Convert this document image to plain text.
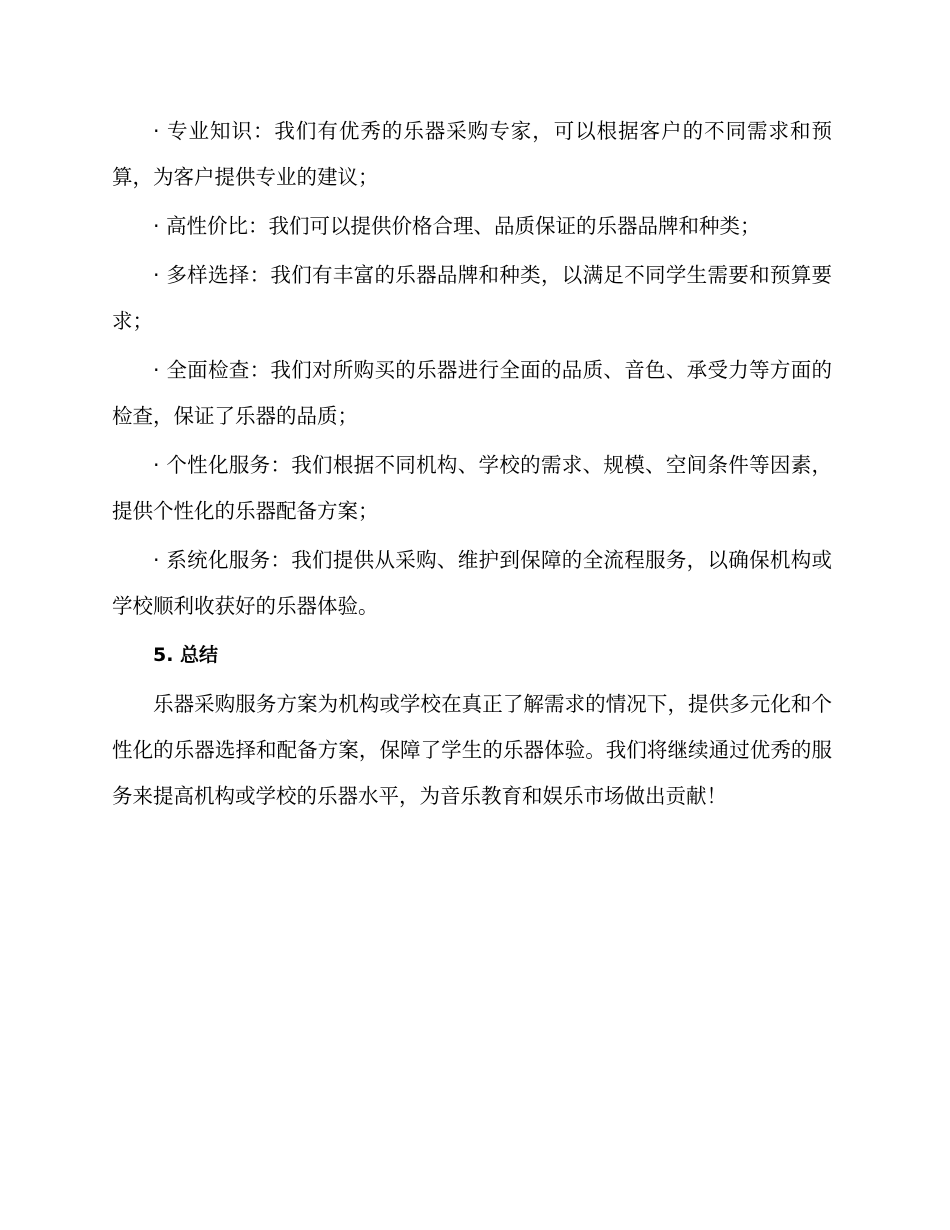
· 专业知识：我们有优秀的乐器采购专家，可以根据客户的不同需求和预算，为客户提供专业的建议；

· 高性价比：我们可以提供价格合理、品质保证的乐器品牌和种类；

· 多样选择：我们有丰富的乐器品牌和种类，以满足不同学生需要和预算要求；

· 全面检查：我们对所购买的乐器进行全面的品质、音色、承受力等方面的检查，保证了乐器的品质；

· 个性化服务：我们根据不同机构、学校的需求、规模、空间条件等因素，提供个性化的乐器配备方案；

· 系统化服务：我们提供从采购、维护到保障的全流程服务，以确保机构或学校顺利收获好的乐器体验。

5. 总结

乐器采购服务方案为机构或学校在真正了解需求的情况下，提供多元化和个性化的乐器选择和配备方案，保障了学生的乐器体验。我们将继续通过优秀的服务来提高机构或学校的乐器水平，为音乐教育和娱乐市场做出贡献！
